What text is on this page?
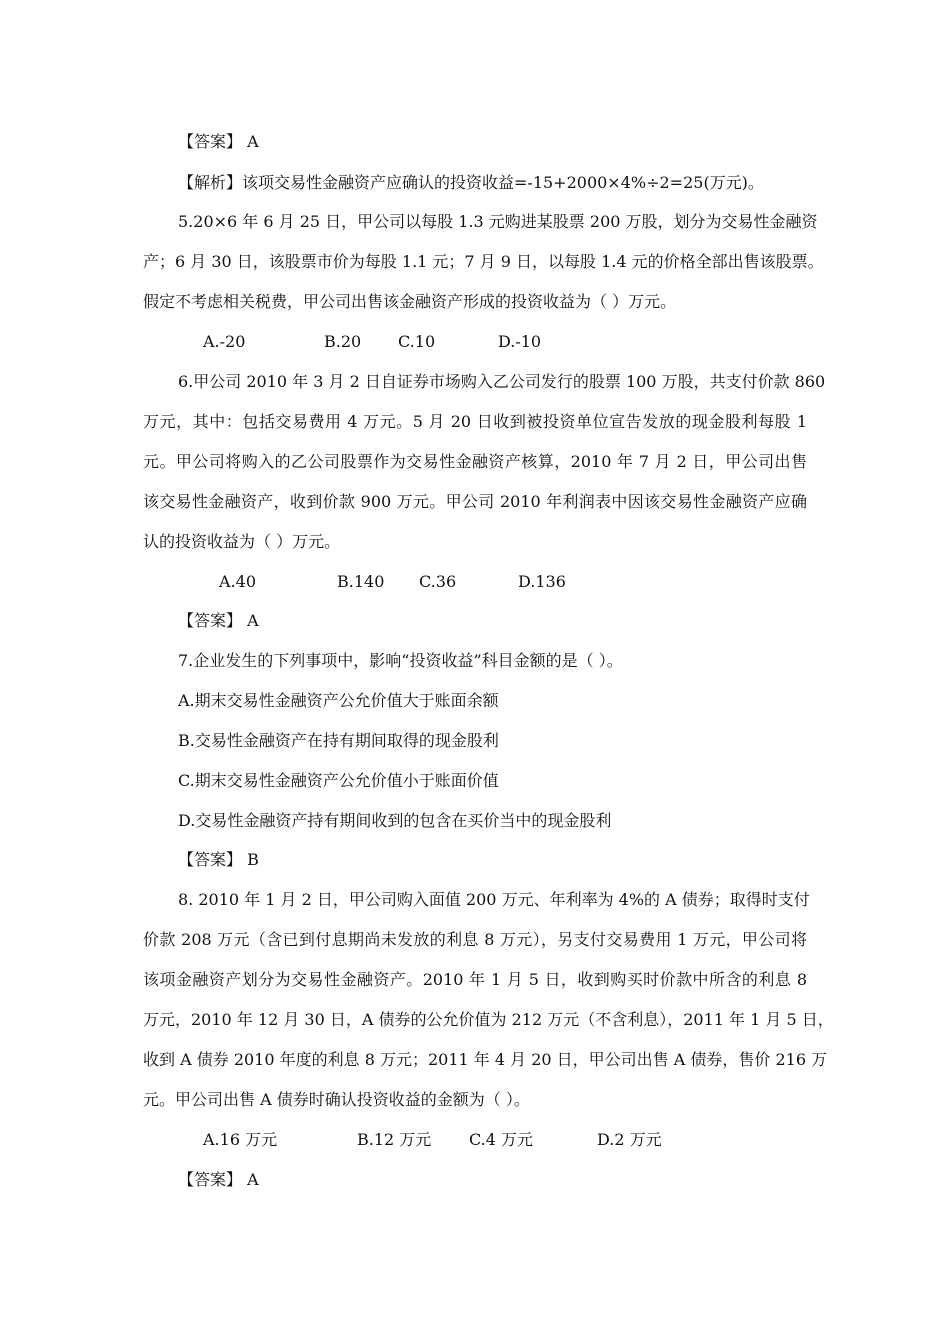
【答案】 A
【解析】该项交易性金融资产应确认的投资收益=-15+2000×4%÷2=25(万元)。
5.20×6 年 6 月 25 日，甲公司以每股 1.3 元购进某股票 200 万股，划分为交易性金融资
产；6 月 30 日，该股票市价为每股 1.1 元；7 月 9 日，以每股 1.4 元的价格全部出售该股票。
假定不考虑相关税费，甲公司出售该金融资产形成的投资收益为（ ）万元。
A.-20	B.20 C.10	D.-10
6.甲公司 2010 年 3 月 2 日自证券市场购入乙公司发行的股票 100 万股，共支付价款 860
万元，其中：包括交易费用 4 万元。5 月 20 日收到被投资单位宣告发放的现金股利每股 1
元。甲公司将购入的乙公司股票作为交易性金融资产核算，2010 年 7 月 2 日，甲公司出售
该交易性金融资产，收到价款 900 万元。甲公司 2010 年利润表中因该交易性金融资产应确
认的投资收益为（ ）万元。
A.40	B.140 C.36	D.136
【答案】 A
7.企业发生的下列事项中，影响“投资收益”科目金额的是（ ）。
A.期末交易性金融资产公允价值大于账面余额
B.交易性金融资产在持有期间取得的现金股利
C.期末交易性金融资产公允价值小于账面价值
D.交易性金融资产持有期间收到的包含在买价当中的现金股利
【答案】 B
8. 2010 年 1 月 2 日，甲公司购入面值 200 万元、年利率为 4%的 A 债券；取得时支付
价款 208 万元（含已到付息期尚未发放的利息 8 万元），另支付交易费用 1 万元，甲公司将
该项金融资产划分为交易性金融资产。2010 年 1 月 5 日，收到购买时价款中所含的利息 8
万元，2010 年 12 月 30 日，A 债券的公允价值为 212 万元（不含利息），2011 年 1 月 5 日，
收到 A 债券 2010 年度的利息 8 万元；2011 年 4 月 20 日，甲公司出售 A 债券，售价 216 万
元。甲公司出售 A 债券时确认投资收益的金额为（ ）。
A.16 万元	B.12 万元 C.4 万元	D.2 万元
【答案】 A
